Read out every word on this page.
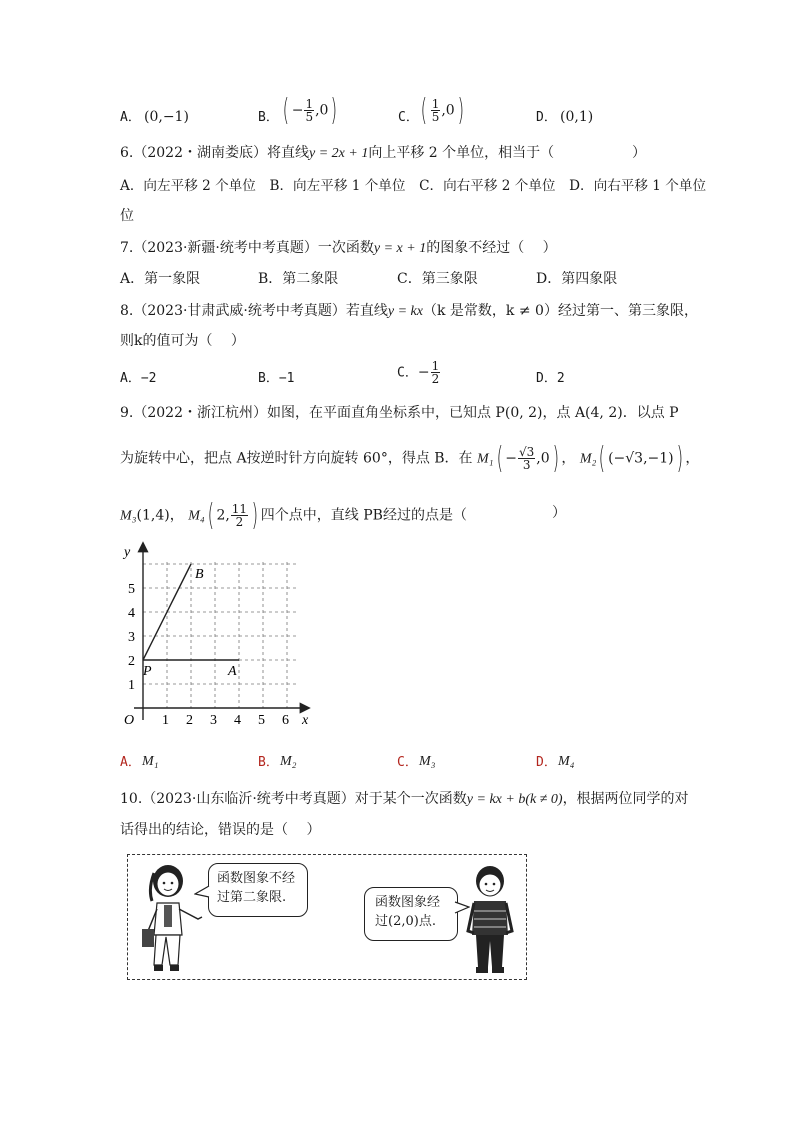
A． (0,−1)	B． ( − $\frac{1}{5} ,0$)	C． ( $\frac{1}{5} ,0$)	D． (0,1)
6.（2022・湖南娄底）将直线y = 2x + 1向上平移 2 个单位，相当于（	）
A．向左平移 2 个单位　B．向左平移 1 个单位　C．向右平移 2 个单位　D．向右平移 1 个单位
位
7.（2023·新疆·统考中考真题）一次函数y = x + 1的图象不经过（　 ）
A．第一象限	B．第二象限	C．第三象限	D．第四象限
8.（2023·甘肃武威·统考中考真题）若直线y = kx（k 是常数，k ≠ 0）经过第一、第三象限，
则k的值可为（　 ）
A．−2	B．−1	C．− $\frac{1}{2}$	D．2
9.（2022・浙江杭州）如图，在平面直角坐标系中，已知点 P(0, 2)，点 A(4, 2)．以点 P
为旋转中心，把点 A按逆时针方向旋转 60°，得点 B．在 $M_1( - \frac{√3}{3} ,0)$ ， M₂( (−√3,−1)) ，
M₃(1,4)， M₄( 2, $\frac{11}{2}$ ) 四个点中，直线 PB经过的点是（	）
y
x
O
B
P	A
1 2 3 4 5 6
1
2
3
4
5
A． M₁	B． M₂	C． M₃	D． M₄
10.（2023·山东临沂·统考中考真题）对于某个一次函数y = kx + b(k ≠ 0)，根据两位同学的对
话得出的结论，错误的是（　 ）
函数图象不经
过第二象限.	函数图象经
过(2,0)点.
